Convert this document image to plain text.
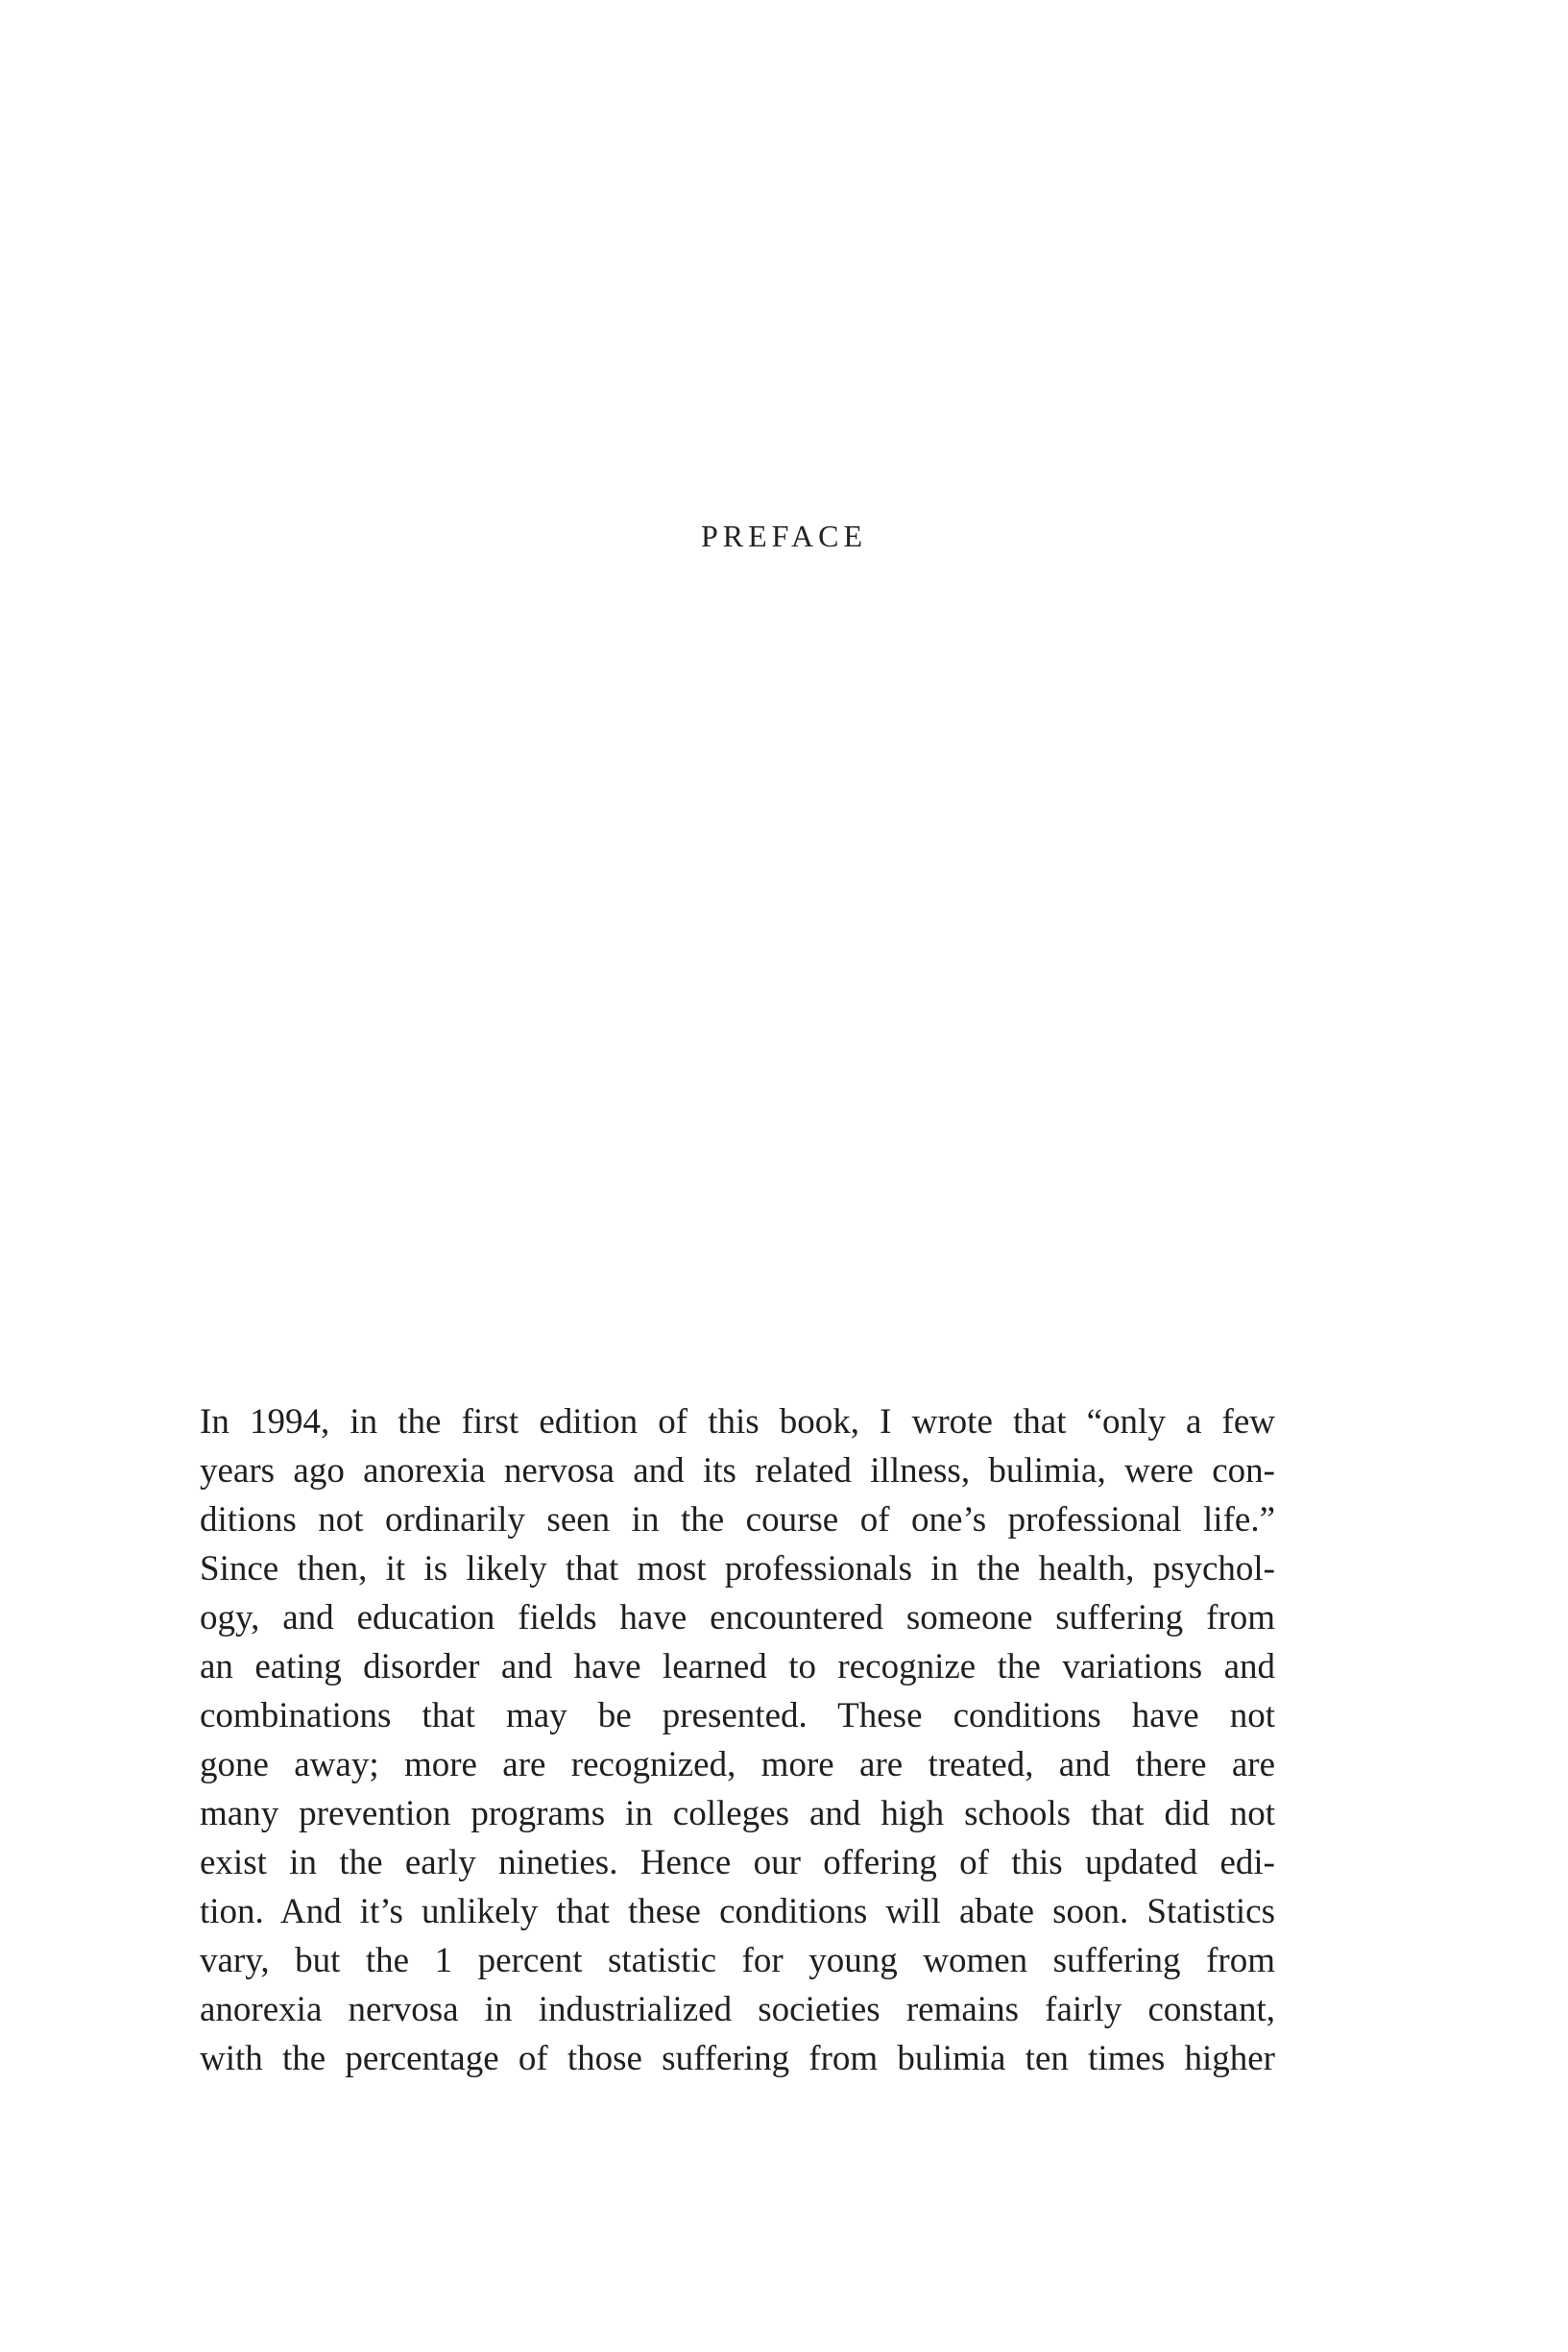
PREFACE
In 1994, in the first edition of this book, I wrote that “only a few
years ago anorexia nervosa and its related illness, bulimia, were con-
ditions not ordinarily seen in the course of one’s professional life.”
Since then, it is likely that most professionals in the health, psychol-
ogy, and education fields have encountered someone suffering from
an eating disorder and have learned to recognize the variations and
combinations that may be presented. These conditions have not
gone away; more are recognized, more are treated, and there are
many prevention programs in colleges and high schools that did not
exist in the early nineties. Hence our offering of this updated edi-
tion. And it’s unlikely that these conditions will abate soon. Statistics
vary, but the 1 percent statistic for young women suffering from
anorexia nervosa in industrialized societies remains fairly constant,
with the percentage of those suffering from bulimia ten times higher
